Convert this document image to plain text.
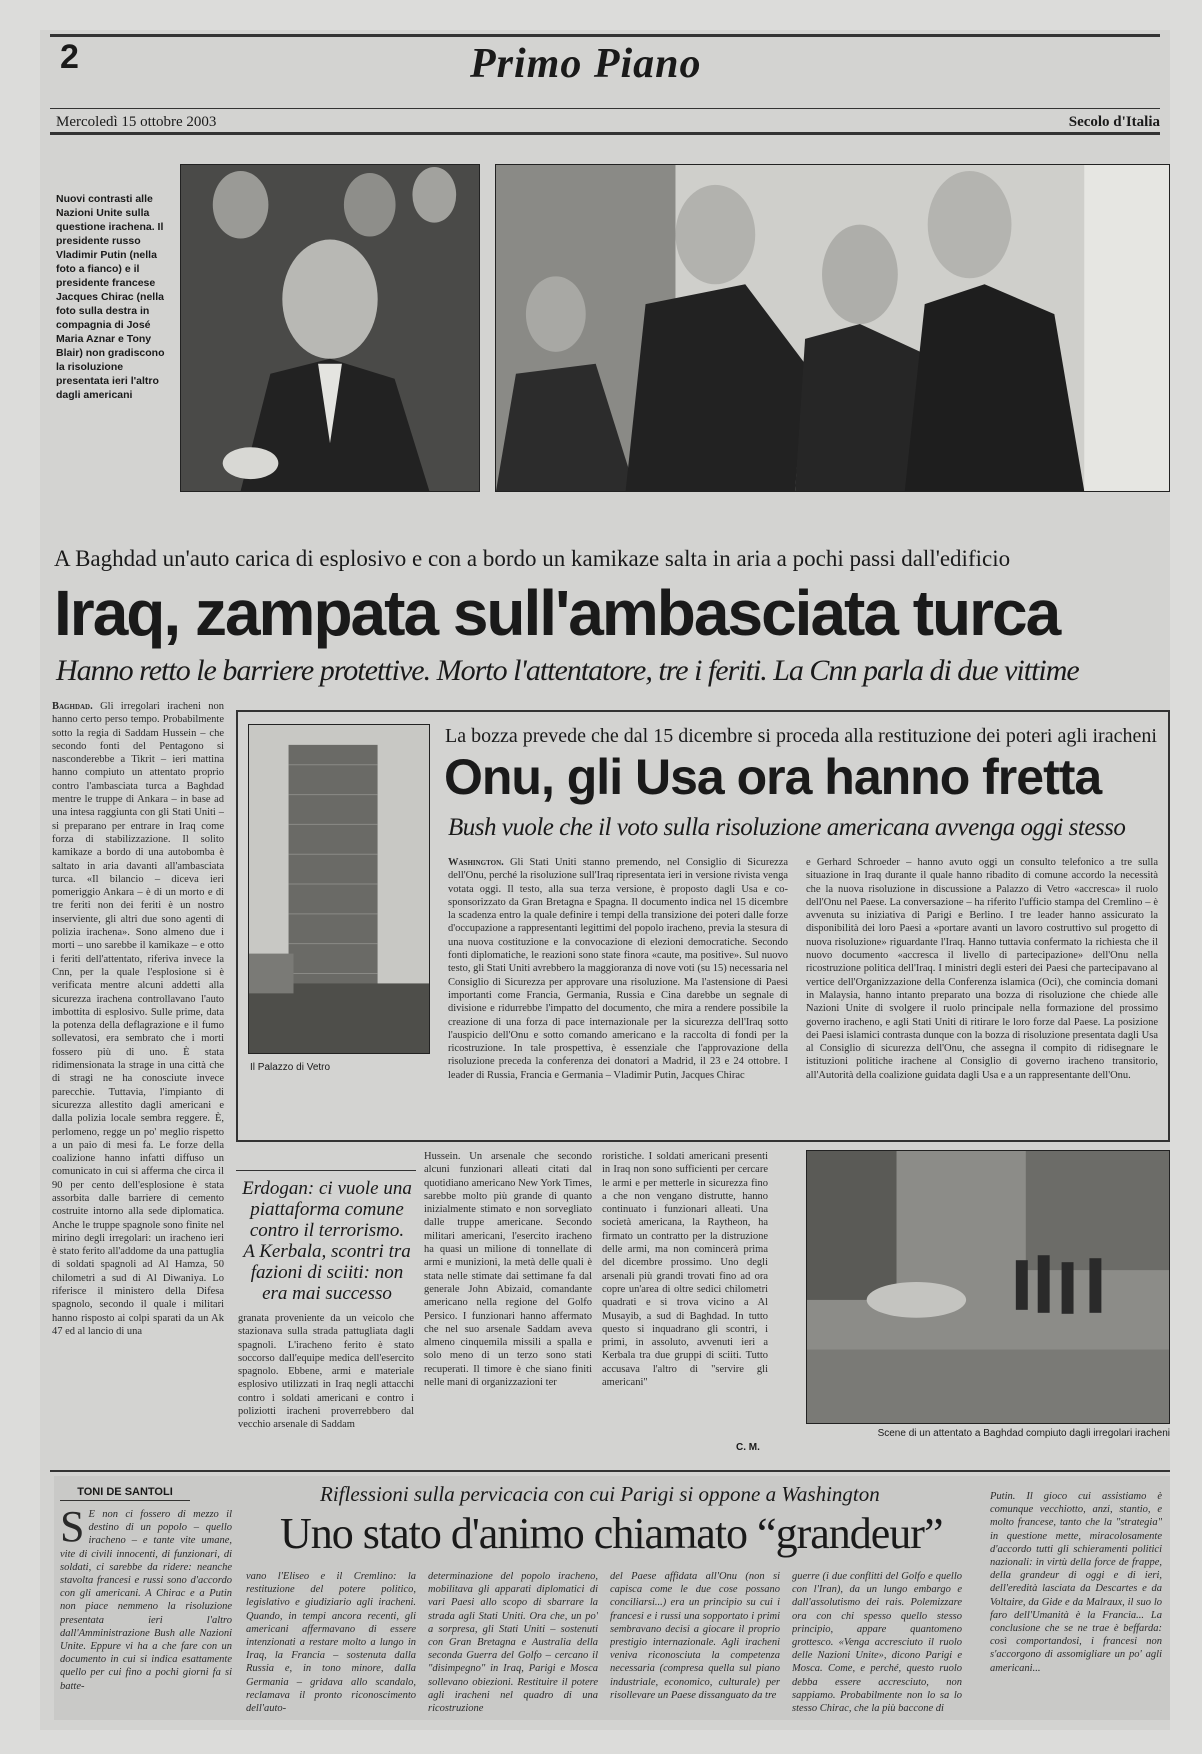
2	Primo Piano
Mercoledì 15 ottobre 2003	Secolo d'Italia
Nuovi contrasti alle Nazioni Unite sulla questione irachena. Il presidente russo Vladimir Putin (nella foto a fianco) e il presidente francese Jacques Chirac (nella foto sulla destra in compagnia di José Maria Aznar e Tony Blair) non gradiscono la risoluzione presentata ieri l'altro dagli americani
A Baghdad un'auto carica di esplosivo e con a bordo un kamikaze salta in aria a pochi passi dall'edificio
Iraq, zampata sull'ambasciata turca
Hanno retto le barriere protettive. Morto l'attentatore, tre i feriti. La Cnn parla di due vittime
Baghdad. Gli irregolari iracheni non hanno certo perso tempo. Probabilmente sotto la regia di Saddam Hussein – che secondo fonti del Pentagono si nasconderebbe a Tikrit – ieri mattina hanno compiuto un attentato proprio contro l'ambasciata turca a Baghdad mentre le truppe di Ankara – in base ad una intesa raggiunta con gli Stati Uniti – si preparano per entrare in Iraq come forza di stabilizzazione. Il solito kamikaze a bordo di una autobomba è saltato in aria davanti all'ambasciata turca. «Il bilancio – diceva ieri pomeriggio Ankara – è di un morto e di tre feriti non dei feriti è un nostro inserviente, gli altri due sono agenti di polizia irachena». Sono almeno due i morti – uno sarebbe il kamikaze – e otto i feriti dell'attentato, riferiva invece la Cnn, per la quale l'esplosione si è verificata mentre alcuni addetti alla sicurezza irachena controllavano l'auto imbottita di esplosivo. Sulle prime, data la potenza della deflagrazione e il fumo sollevatosi, era sembrato che i morti fossero più di uno. È stata ridimensionata la strage in una città che di stragi ne ha conosciute invece parecchie. Tuttavia, l'impianto di sicurezza allestito dagli americani e dalla polizia locale sembra reggere. È, perlomeno, regge un po' meglio rispetto a un paio di mesi fa. Le forze della coalizione hanno infatti diffuso un comunicato in cui si afferma che circa il 90 per cento dell'esplosione è stata assorbita dalle barriere di cemento costruite intorno alla sede diplomatica. Anche le truppe spagnole sono finite nel mirino degli irregolari: un iracheno ieri è stato ferito all'addome da una pattuglia di soldati spagnoli ad Al Hamza, 50 chilometri a sud di Al Diwaniya. Lo riferisce il ministero della Difesa spagnolo, secondo il quale i militari hanno risposto ai colpi sparati da un Ak 47 ed al lancio di una
Il Palazzo di Vetro
La bozza prevede che dal 15 dicembre si proceda alla restituzione dei poteri agli iracheni
Onu, gli Usa ora hanno fretta
Bush vuole che il voto sulla risoluzione americana avvenga oggi stesso
Washington. Gli Stati Uniti stanno premendo, nel Consiglio di Sicurezza dell'Onu, perché la risoluzione sull'Iraq ripresentata ieri in versione rivista venga votata oggi. Il testo, alla sua terza versione, è proposto dagli Usa e co-sponsorizzato da Gran Bretagna e Spagna. Il documento indica nel 15 dicembre la scadenza entro la quale definire i tempi della transizione dei poteri dalle forze d'occupazione a rappresentanti legittimi del popolo iracheno, previa la stesura di una nuova costituzione e la convocazione di elezioni democratiche. Secondo fonti diplomatiche, le reazioni sono state finora «caute, ma positive». Sul nuovo testo, gli Stati Uniti avrebbero la maggioranza di nove voti (su 15) necessaria nel Consiglio di Sicurezza per approvare una risoluzione. Ma l'astensione di Paesi importanti come Francia, Germania, Russia e Cina darebbe un segnale di divisione e ridurrebbe l'impatto del documento, che mira a rendere possibile la creazione di una forza di pace internazionale per la sicurezza dell'Iraq sotto l'auspicio dell'Onu e sotto comando americano e la raccolta di fondi per la ricostruzione. In tale prospettiva, è essenziale che l'approvazione della risoluzione preceda la conferenza dei donatori a Madrid, il 23 e 24 ottobre. I leader di Russia, Francia e Germania – Vladimir Putin, Jacques Chirac
e Gerhard Schroeder – hanno avuto oggi un consulto telefonico a tre sulla situazione in Iraq durante il quale hanno ribadito di comune accordo la necessità che la nuova risoluzione in discussione a Palazzo di Vetro «accresca» il ruolo dell'Onu nel Paese. La conversazione – ha riferito l'ufficio stampa del Cremlino – è avvenuta su iniziativa di Parigi e Berlino. I tre leader hanno assicurato la disponibilità dei loro Paesi a «portare avanti un lavoro costruttivo sul progetto di nuova risoluzione» riguardante l'Iraq. Hanno tuttavia confermato la richiesta che il nuovo documento «accresca il livello di partecipazione» dell'Onu nella ricostruzione politica dell'Iraq. I ministri degli esteri dei Paesi che partecipavano al vertice dell'Organizzazione della Conferenza islamica (Oci), che comincia domani in Malaysia, hanno intanto preparato una bozza di risoluzione che chiede alle Nazioni Unite di svolgere il ruolo principale nella formazione del prossimo governo iracheno, e agli Stati Uniti di ritirare le loro forze dal Paese. La posizione dei Paesi islamici contrasta dunque con la bozza di risoluzione presentata dagli Usa al Consiglio di sicurezza dell'Onu, che assegna il compito di ridisegnare le istituzioni politiche irachene al Consiglio di governo iracheno transitorio, all'Autorità della coalizione guidata dagli Usa e a un rappresentante dell'Onu.
Erdogan: ci vuole una piattaforma comune contro il terrorismo. A Kerbala, scontri tra fazioni di sciiti: non era mai successo
granata proveniente da un veicolo che stazionava sulla strada pattugliata dagli spagnoli. L'iracheno ferito è stato soccorso dall'equipe medica dell'esercito spagnolo. Ebbene, armi e materiale esplosivo utilizzati in Iraq negli attacchi contro i soldati americani e contro i poliziotti iracheni proverrebbero dal vecchio arsenale di Saddam
Hussein. Un arsenale che secondo alcuni funzionari alleati citati dal quotidiano americano New York Times, sarebbe molto più grande di quanto inizialmente stimato e non sorvegliato dalle truppe americane. Secondo militari americani, l'esercito iracheno ha quasi un milione di tonnellate di armi e munizioni, la metà delle quali è stata nelle stimate dai settimane fa dal generale John Abizaid, comandante americano nella regione del Golfo Persico. I funzionari hanno affermato che nel suo arsenale Saddam aveva almeno cinquemila missili a spalla e solo meno di un terzo sono stati recuperati. Il timore è che siano finiti nelle mani di organizzazioni ter
roristiche. I soldati americani presenti in Iraq non sono sufficienti per cercare le armi e per metterle in sicurezza fino a che non vengano distrutte, hanno continuato i funzionari alleati. Una società americana, la Raytheon, ha firmato un contratto per la distruzione delle armi, ma non comincerà prima del dicembre prossimo. Uno degli arsenali più grandi trovati fino ad ora copre un'area di oltre sedici chilometri quadrati e si trova vicino a Al Musayib, a sud di Baghdad. In tutto questo si inquadrano gli scontri, i primi, in assoluto, avvenuti ieri a Kerbala tra due gruppi di sciiti. Tutto accusava l'altro di "servire gli americani"
C. M.
Scene di un attentato a Baghdad compiuto dagli irregolari iracheni
TONI DE SANTOLI	Riflessioni sulla pervicacia con cui Parigi si oppone a Washington
Uno stato d'animo chiamato “grandeur”
S E non ci fossero di mezzo il destino di un popolo – quello iracheno – e tante vite umane, vite di civili innocenti, di funzionari, di soldati, ci sarebbe da ridere: neanche stavolta francesi e russi sono d'accordo con gli americani. A Chirac e a Putin non piace nemmeno la risoluzione presentata ieri l'altro dall'Amministrazione Bush alle Nazioni Unite. Eppure vi ha a che fare con un documento in cui si indica esattamente quello per cui fino a pochi giorni fa si batte-
vano l'Eliseo e il Cremlino: la restituzione del potere politico, legislativo e giudiziario agli iracheni. Quando, in tempi ancora recenti, gli americani affermavano di essere intenzionati a restare molto a lungo in Iraq, la Francia – sostenuta dalla Russia e, in tono minore, dalla Germania – gridava allo scandalo, reclamava il pronto riconoscimento dell'auto-
determinazione del popolo iracheno, mobilitava gli apparati diplomatici di vari Paesi allo scopo di sbarrare la strada agli Stati Uniti. Ora che, un po' a sorpresa, gli Stati Uniti – sostenuti con Gran Bretagna e Australia della seconda Guerra del Golfo – cercano il "disimpegno" in Iraq, Parigi e Mosca sollevano obiezioni. Restituire il potere agli iracheni nel quadro di una ricostruzione
del Paese affidata all'Onu (non si capisca come le due cose possano conciliarsi...) era un principio su cui i francesi e i russi una sopportato i primi sembravano decisi a giocare il proprio prestigio internazionale. Agli iracheni veniva riconosciuta la competenza necessaria (compresa quella sul piano industriale, economico, culturale) per risollevare un Paese dissanguato da tre
guerre (i due conflitti del Golfo e quello con l'Iran), da un lungo embargo e dall'assolutismo dei rais. Polemizzare ora con chi spesso quello stesso principio, appare quantomeno grottesco. «Venga accresciuto il ruolo delle Nazioni Unite», dicono Parigi e Mosca. Come, e perché, questo ruolo debba essere accresciuto, non sappiamo. Probabilmente non lo sa lo stesso Chirac, che la più baccone di
Putin. Il gioco cui assistiamo è comunque vecchiotto, anzi, stantio, e molto francese, tanto che la "strategia" in questione mette, miracolosamente d'accordo tutti gli schieramenti politici nazionali: in virtù della force de frappe, della grandeur di oggi e di ieri, dell'eredità lasciata da Descartes e da Voltaire, da Gide e da Malraux, il suo lo faro dell'Umanità è la Francia... La conclusione che se ne trae è beffarda: così comportandosi, i francesi non s'accorgono di assomigliare un po' agli americani...
